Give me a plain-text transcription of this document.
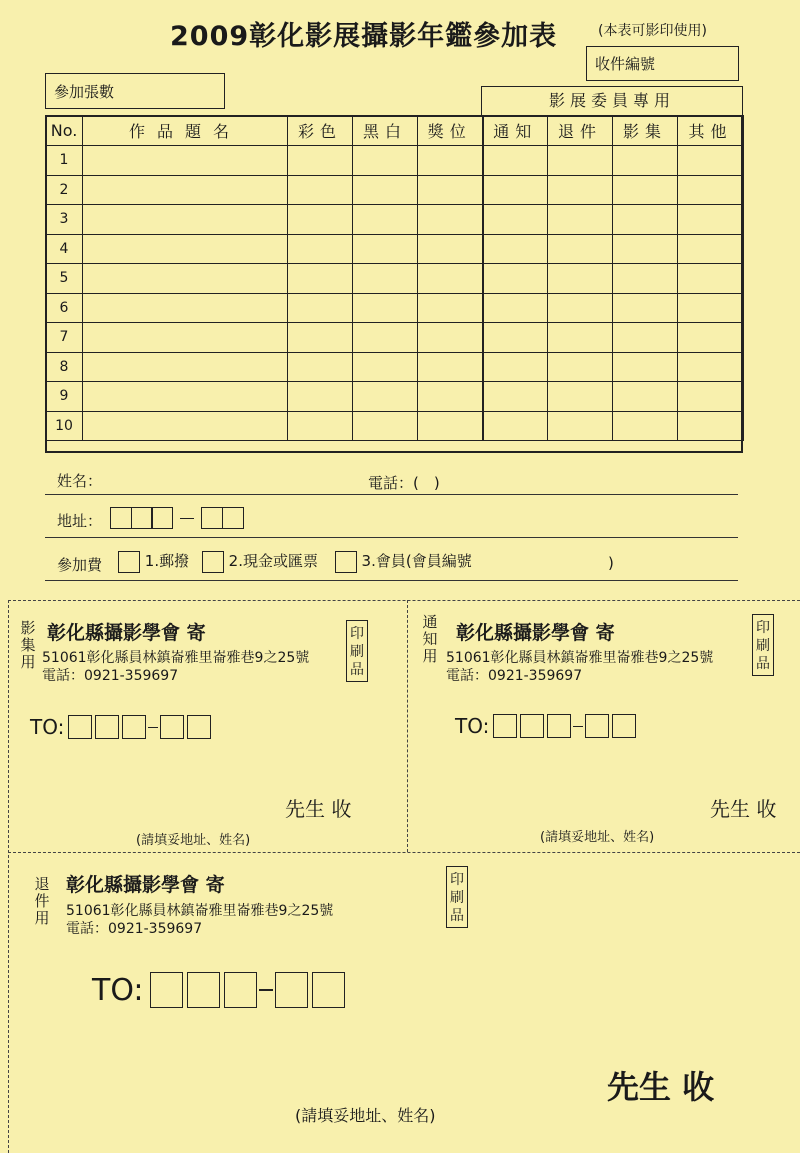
2009彰化影展攝影年鑑參加表	(本表可影印使用)
收件編號
參加張數	影展委員專用
No.	作品題名	彩色	黑白	獎位	通知	退件	影集	其他
1								
2								
3								
4								
5								
6								
7								
8								
9								
10								
姓名：	電話：(　)
地址：

參加費	1.郵撥	2.現金或匯票	3.會員(會員編號	)
影
集
用
彰化縣攝影學會 寄
51061彰化縣員林鎮崙雅里崙雅巷9之25號
電話：0921-359697
印
刷
品
TO:
先生 收
(請填妥地址、姓名)
通
知
用
彰化縣攝影學會 寄
51061彰化縣員林鎮崙雅里崙雅巷9之25號
電話：0921-359697
印
刷
品
TO:
先生 收
(請填妥地址、姓名)
退
件
用
彰化縣攝影學會 寄
51061彰化縣員林鎮崙雅里崙雅巷9之25號
電話：0921-359697
印
刷
品
TO:
先生 收
(請填妥地址、姓名)
